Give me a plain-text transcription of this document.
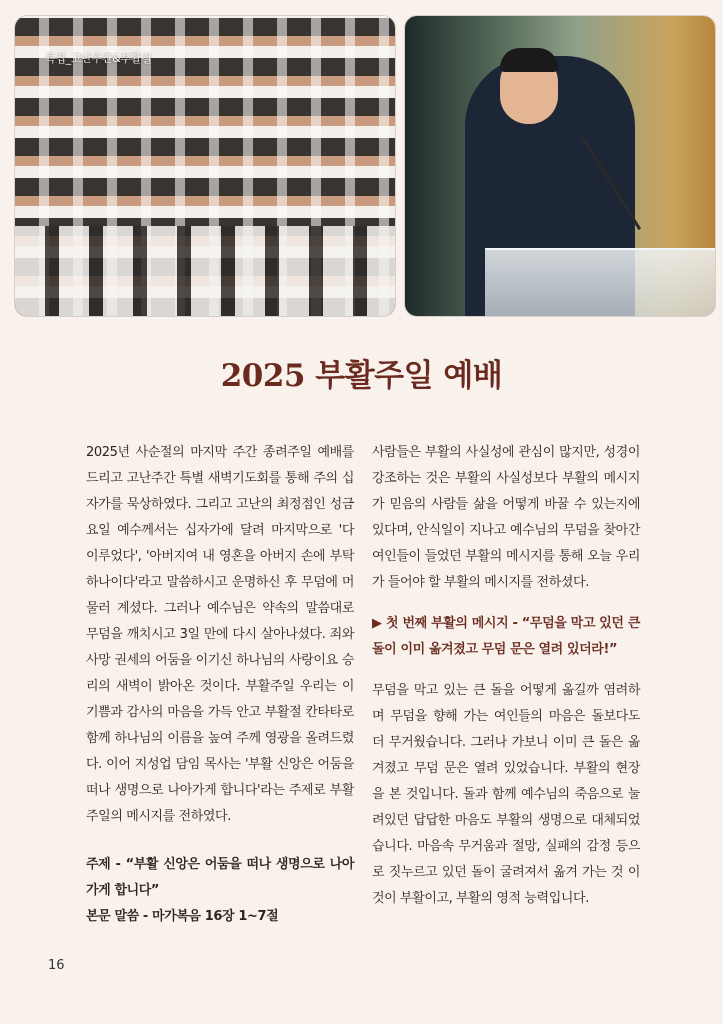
특집_고난주간&부활절
2025 부활주일 예배

2025년 사순절의 마지막 주간 종려주일 예배를 드리고 고난주간 특별 새벽기도회를 통해 주의 십자가를 묵상하였다. 그리고 고난의 최정점인 성금요일 예수께서는 십자가에 달려 마지막으로 '다 이루었다', '아버지여 내 영혼을 아버지 손에 부탁하나이다'라고 말씀하시고 운명하신 후 무덤에 머물러 계셨다. 그러나 예수님은 약속의 말씀대로 무덤을 깨치시고 3일 만에 다시 살아나셨다. 죄와 사망 권세의 어둠을 이기신 하나님의 사랑이요 승리의 새벽이 밝아온 것이다. 부활주일 우리는 이 기쁨과 감사의 마음을 가득 안고 부활절 칸타타로 함께 하나님의 이름을 높여 주께 영광을 올려드렸다. 이어 지성업 담임 목사는 '부활 신앙은 어둠을 떠나 생명으로 나아가게 합니다'라는 주제로 부활주일의 메시지를 전하였다.

주제 - “부활 신앙은 어둠을 떠나 생명으로 나아가게 합니다”
본문 말씀 - 마가복음 16장 1~7절

사람들은 부활의 사실성에 관심이 많지만, 성경이 강조하는 것은 부활의 사실성보다 부활의 메시지가 믿음의 사람들 삶을 어떻게 바꿀 수 있는지에 있다며, 안식일이 지나고 예수님의 무덤을 찾아간 여인들이 들었던 부활의 메시지를 통해 오늘 우리가 들어야 할 부활의 메시지를 전하셨다.

▶ 첫 번째 부활의 메시지 - “무덤을 막고 있던 큰 돌이 이미 옮겨졌고 무덤 문은 열려 있더라!”

무덤을 막고 있는 큰 돌을 어떻게 옮길까 염려하며 무덤을 향해 가는 여인들의 마음은 돌보다도 더 무거웠습니다. 그러나 가보니 이미 큰 돌은 옮겨졌고 무덤 문은 열려 있었습니다. 부활의 현장을 본 것입니다. 돌과 함께 예수님의 죽음으로 눌려있던 답답한 마음도 부활의 생명으로 대체되었습니다. 마음속 무거움과 절망, 실패의 감정 등으로 짓누르고 있던 돌이 굴려져서 옮겨 가는 것 이것이 부활이고, 부활의 영적 능력입니다.

16
